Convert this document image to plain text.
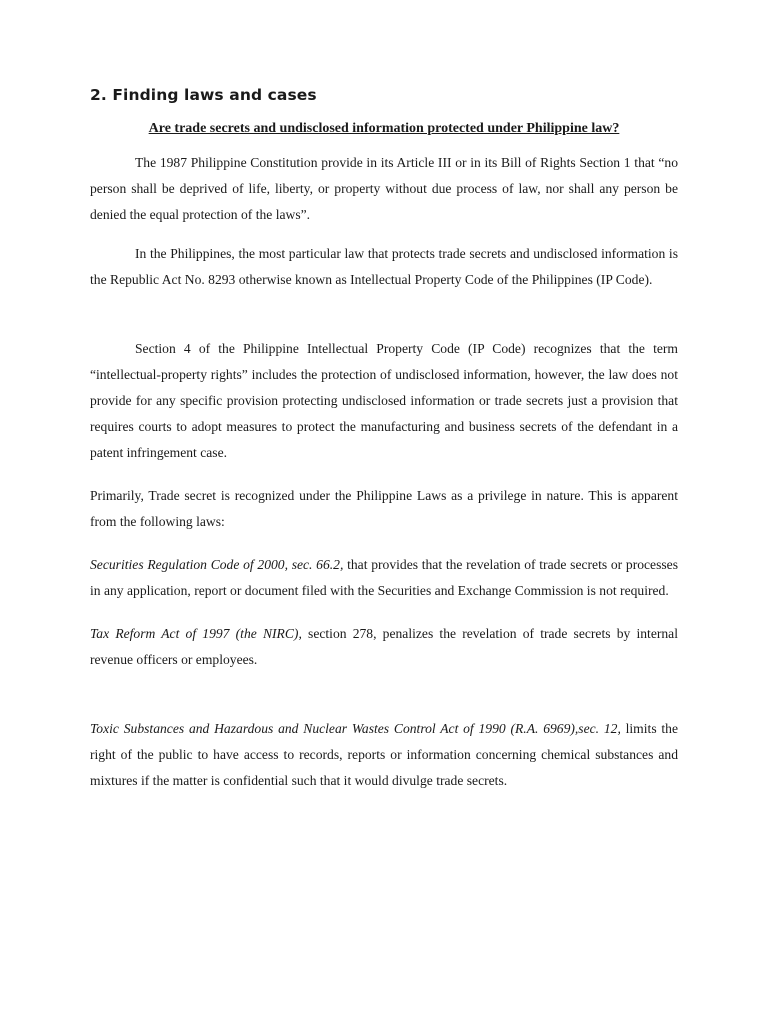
2. Finding laws and cases

Are trade secrets and undisclosed information protected under Philippine law?

The 1987 Philippine Constitution provide in its Article III or in its Bill of Rights Section 1 that “no person shall be deprived of life, liberty, or property without due process of law, nor shall any person be denied the equal protection of the laws”.

In the Philippines, the most particular law that protects trade secrets and undisclosed information is the Republic Act No. 8293 otherwise known as Intellectual Property Code of the Philippines (IP Code).

Section 4 of the Philippine Intellectual Property Code (IP Code) recognizes that the term “intellectual-property rights” includes the protection of undisclosed information, however, the law does not provide for any specific provision protecting undisclosed information or trade secrets just a provision that requires courts to adopt measures to protect the manufacturing and business secrets of the defendant in a patent infringement case.

Primarily, Trade secret is recognized under the Philippine Laws as a privilege in nature. This is apparent from the following laws:

Securities Regulation Code of 2000, sec. 66.2, that provides that the revelation of trade secrets or processes in any application, report or document filed with the Securities and Exchange Commission is not required.

Tax Reform Act of 1997 (the NIRC), section 278, penalizes the revelation of trade secrets by internal revenue officers or employees.

Toxic Substances and Hazardous and Nuclear Wastes Control Act of 1990 (R.A. 6969),sec. 12, limits the right of the public to have access to records, reports or information concerning chemical substances and mixtures if the matter is confidential such that it would divulge trade secrets.
